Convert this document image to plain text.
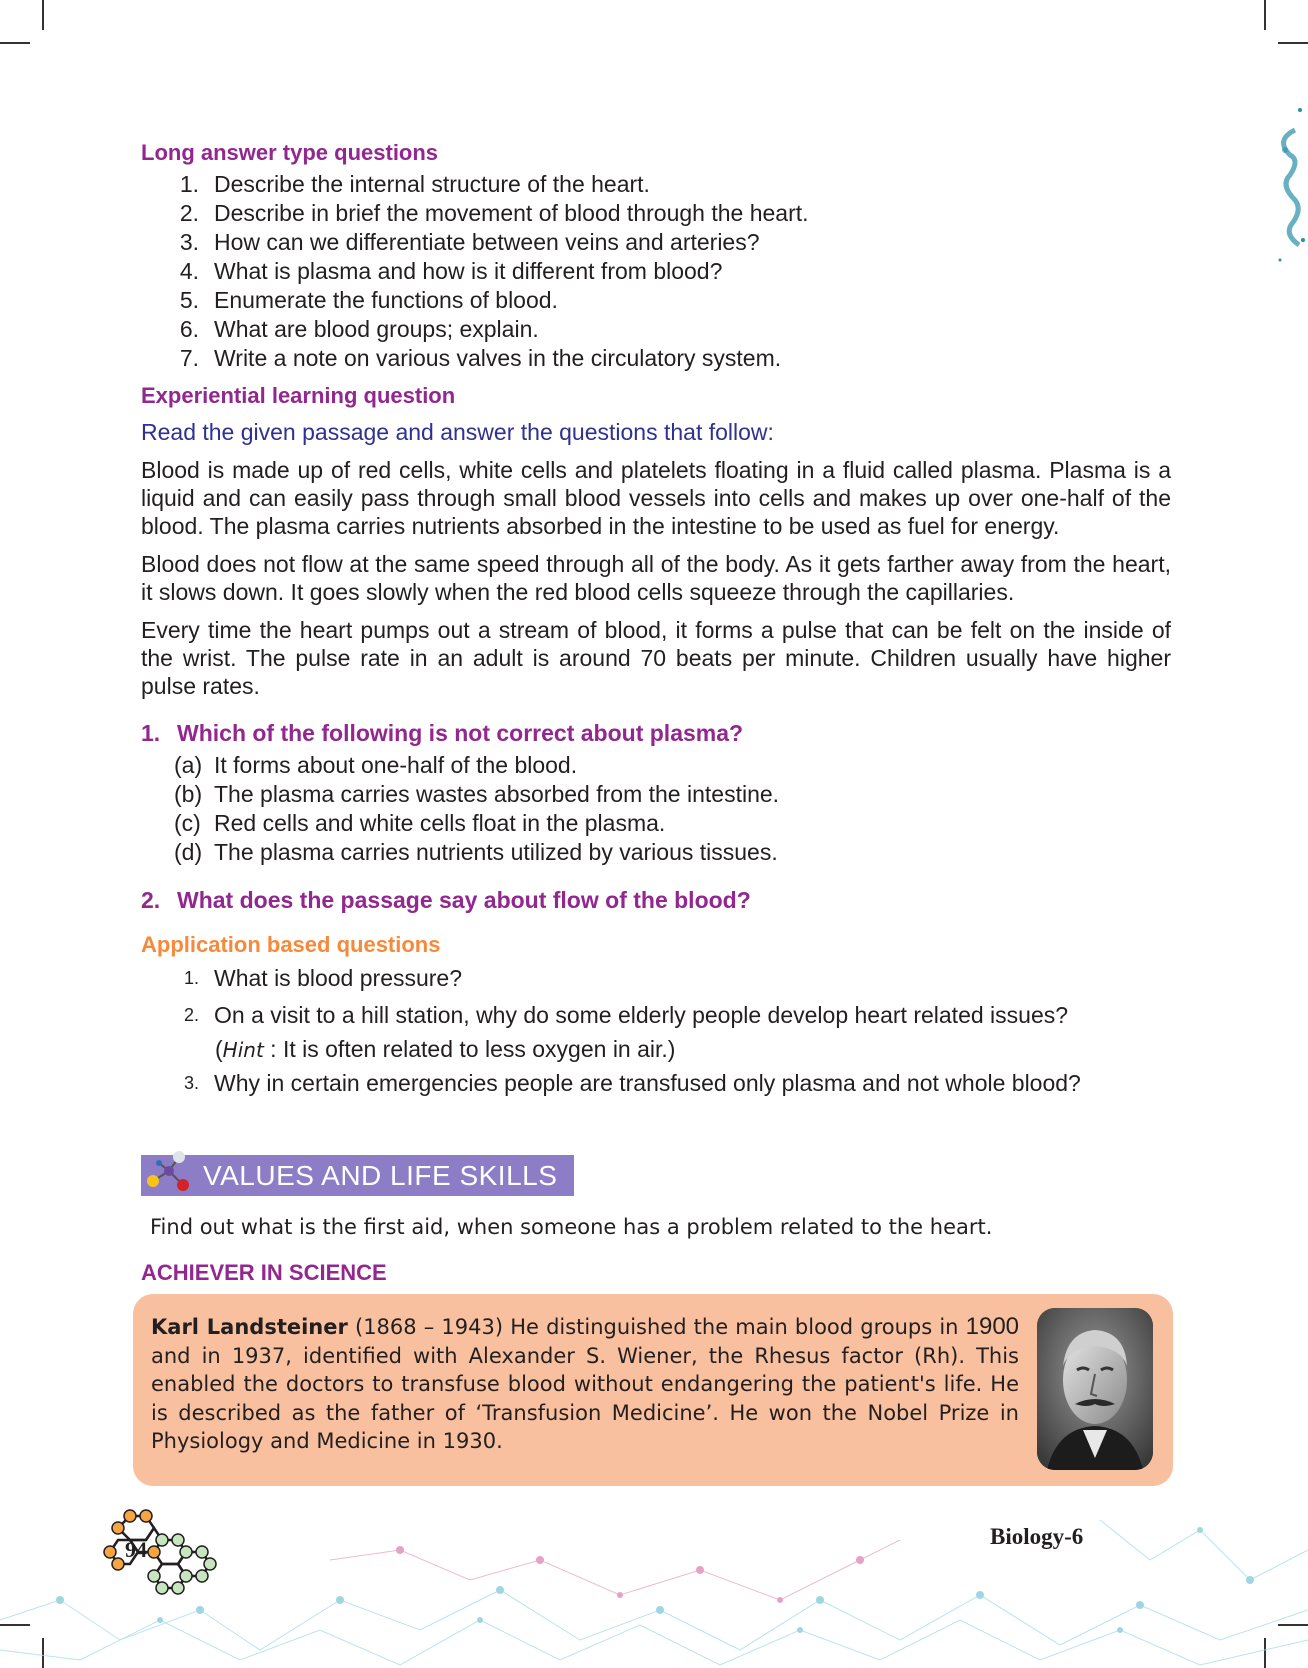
Long answer type questions
1. Describe the internal structure of the heart.
2. Describe in brief the movement of blood through the heart.
3. How can we differentiate between veins and arteries?
4. What is plasma and how is it different from blood?
5. Enumerate the functions of blood.
6. What are blood groups; explain.
7. Write a note on various valves in the circulatory system.
Experiential learning question

Read the given passage and answer the questions that follow:

Blood is made up of red cells, white cells and platelets floating in a fluid called plasma. Plasma is a liquid and can easily pass through small blood vessels into cells and makes up over one-half of the blood. The plasma carries nutrients absorbed in the intestine to be used as fuel for energy.

Blood does not flow at the same speed through all of the body. As it gets farther away from the heart, it slows down. It goes slowly when the red blood cells squeeze through the capillaries.

Every time the heart pumps out a stream of blood, it forms a pulse that can be felt on the inside of the wrist. The pulse rate in an adult is around 70 beats per minute. Children usually have higher pulse rates.

1. Which of the following is not correct about plasma?
(a) It forms about one-half of the blood.
(b) The plasma carries wastes absorbed from the intestine.
(c) Red cells and white cells float in the plasma.
(d) The plasma carries nutrients utilized by various tissues.
2. What does the passage say about flow of the blood?
Application based questions
1. What is blood pressure?
2. On a visit to a hill station, why do some elderly people develop heart related issues?
(Hint : It is often related to less oxygen in air.)
3. Why in certain emergencies people are transfused only plasma and not whole blood?
VALUES AND LIFE SKILLS
Find out what is the first aid, when someone has a problem related to the heart.
ACHIEVER IN SCIENCE
Karl Landsteiner (1868 – 1943) He distinguished the main blood groups in 1900 and in 1937, identified with Alexander S. Wiener, the Rhesus factor (Rh). This enabled the doctors to transfuse blood without endangering the patient's life. He is described as the father of ‘Transfusion Medicine’. He won the Nobel Prize in Physiology and Medicine in 1930.
94
Biology-6
